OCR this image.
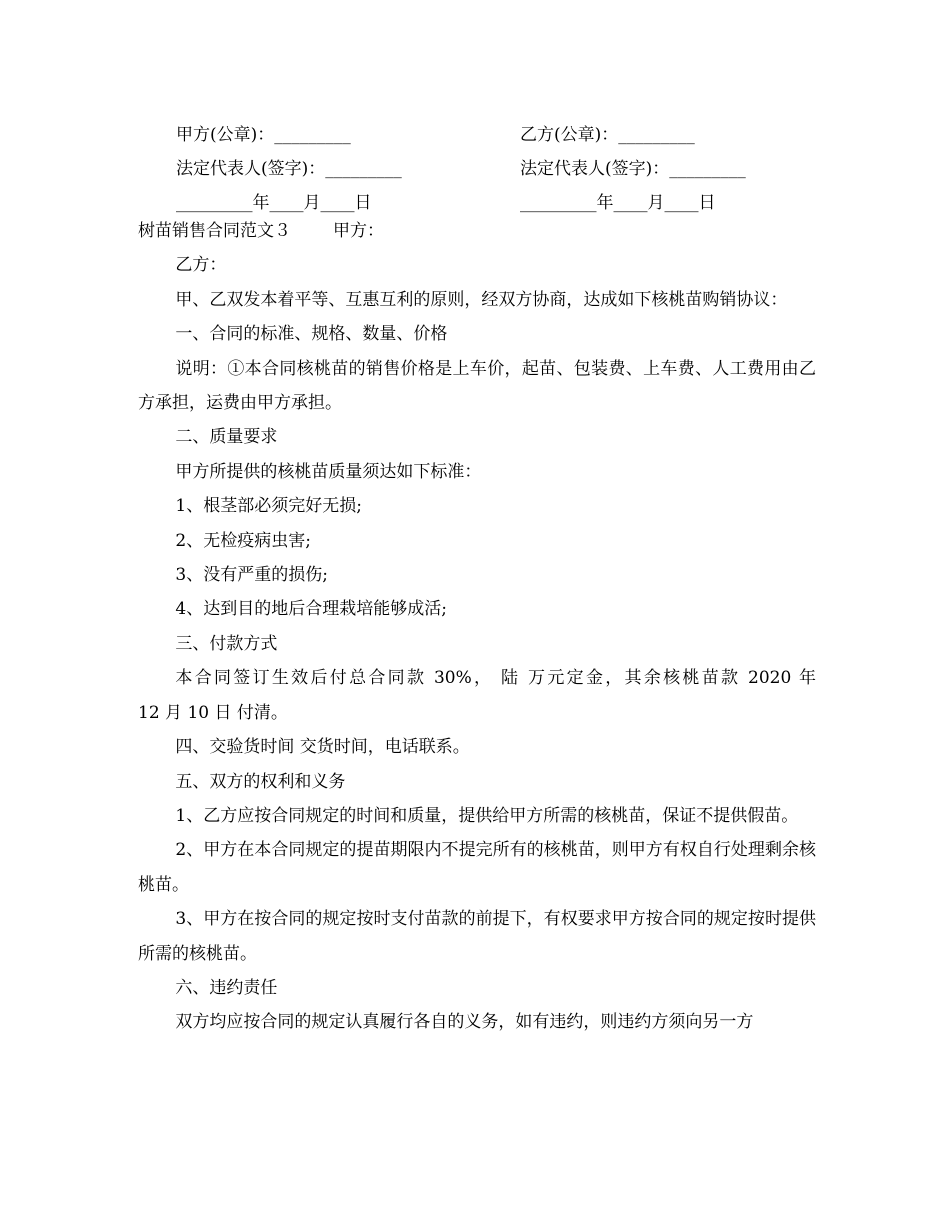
甲方(公章)：_________	乙方(公章)：_________
法定代表人(签字)：_________	法定代表人(签字)：_________
_________年____月____日	_________年____月____日

树苗销售合同范文３ 甲方：

乙方：

甲、乙双发本着平等、互惠互利的原则，经双方协商，达成如下核桃苗购销协议：

一、合同的标准、规格、数量、价格

说明：①本合同核桃苗的销售价格是上车价，起苗、包装费、上车费、人工费用由乙方承担，运费由甲方承担。

二、质量要求

甲方所提供的核桃苗质量须达如下标准：

1、根茎部必须完好无损;

2、无检疫病虫害;

3、没有严重的损伤;

4、达到目的地后合理栽培能够成活;

三、付款方式

本合同签订生效后付总合同款 30%， 陆 万元定金，其余核桃苗款 2020 年

12 月 10 日 付清。

四、交验货时间 交货时间，电话联系。

五、双方的权利和义务

1、乙方应按合同规定的时间和质量，提供给甲方所需的核桃苗，保证不提供假苗。

2、甲方在本合同规定的提苗期限内不提完所有的核桃苗，则甲方有权自行处理剩余核桃苗。

3、甲方在按合同的规定按时支付苗款的前提下，有权要求甲方按合同的规定按时提供所需的核桃苗。

六、违约责任

双方均应按合同的规定认真履行各自的义务，如有违约，则违约方须向另一方
